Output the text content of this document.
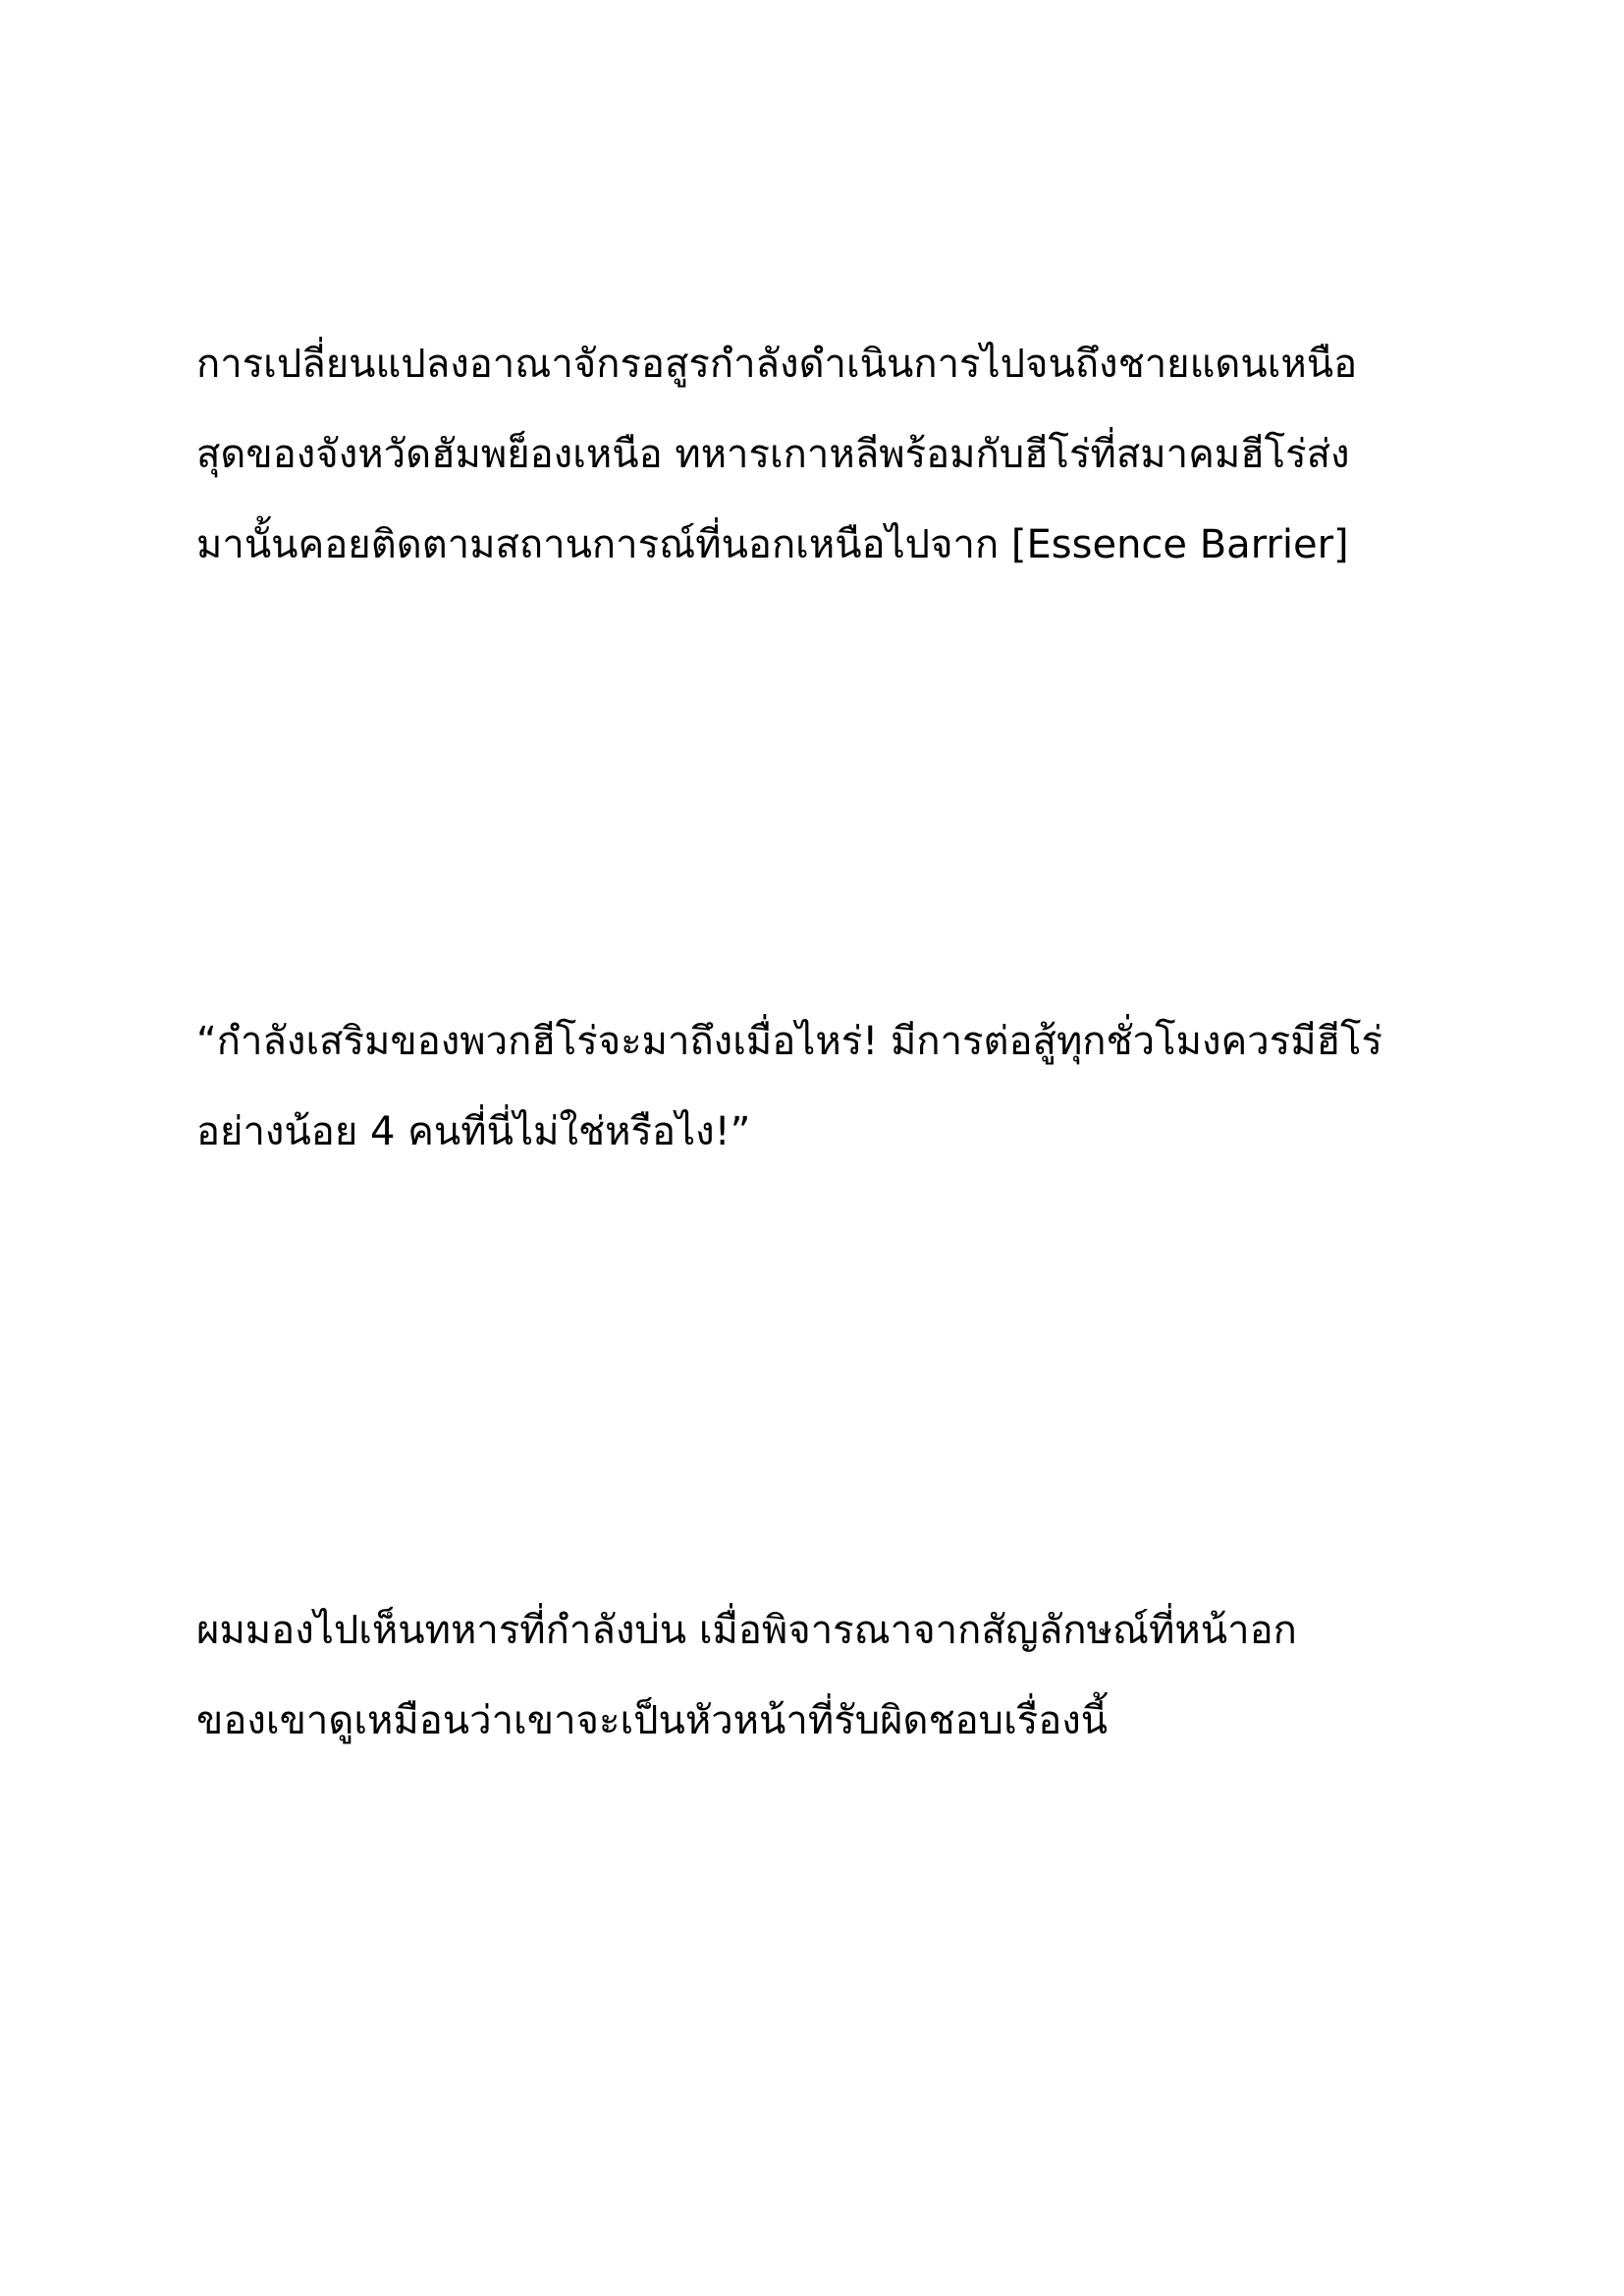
การเปลี่ยนแปลงอาณาจักรอสูรกำลังดำเนินการไปจนถึงชายแดนเหนือ
สุดของจังหวัดฮัมพย็องเหนือ ทหารเกาหลีพร้อมกับฮีโร่ที่สมาคมฮีโร่ส่ง
มานั้นคอยติดตามสถานการณ์ที่นอกเหนือไปจาก [Essence Barrier]

“กำลังเสริมของพวกฮีโร่จะมาถึงเมื่อไหร่! มีการต่อสู้ทุกชั่วโมงควรมีฮีโร่
อย่างน้อย 4 คนที่นี่ไม่ใช่หรือไง!”

ผมมองไปเห็นทหารที่กำลังบ่น เมื่อพิจารณาจากสัญลักษณ์ที่หน้าอก
ของเขาดูเหมือนว่าเขาจะเป็นหัวหน้าที่รับผิดชอบเรื่องนี้
